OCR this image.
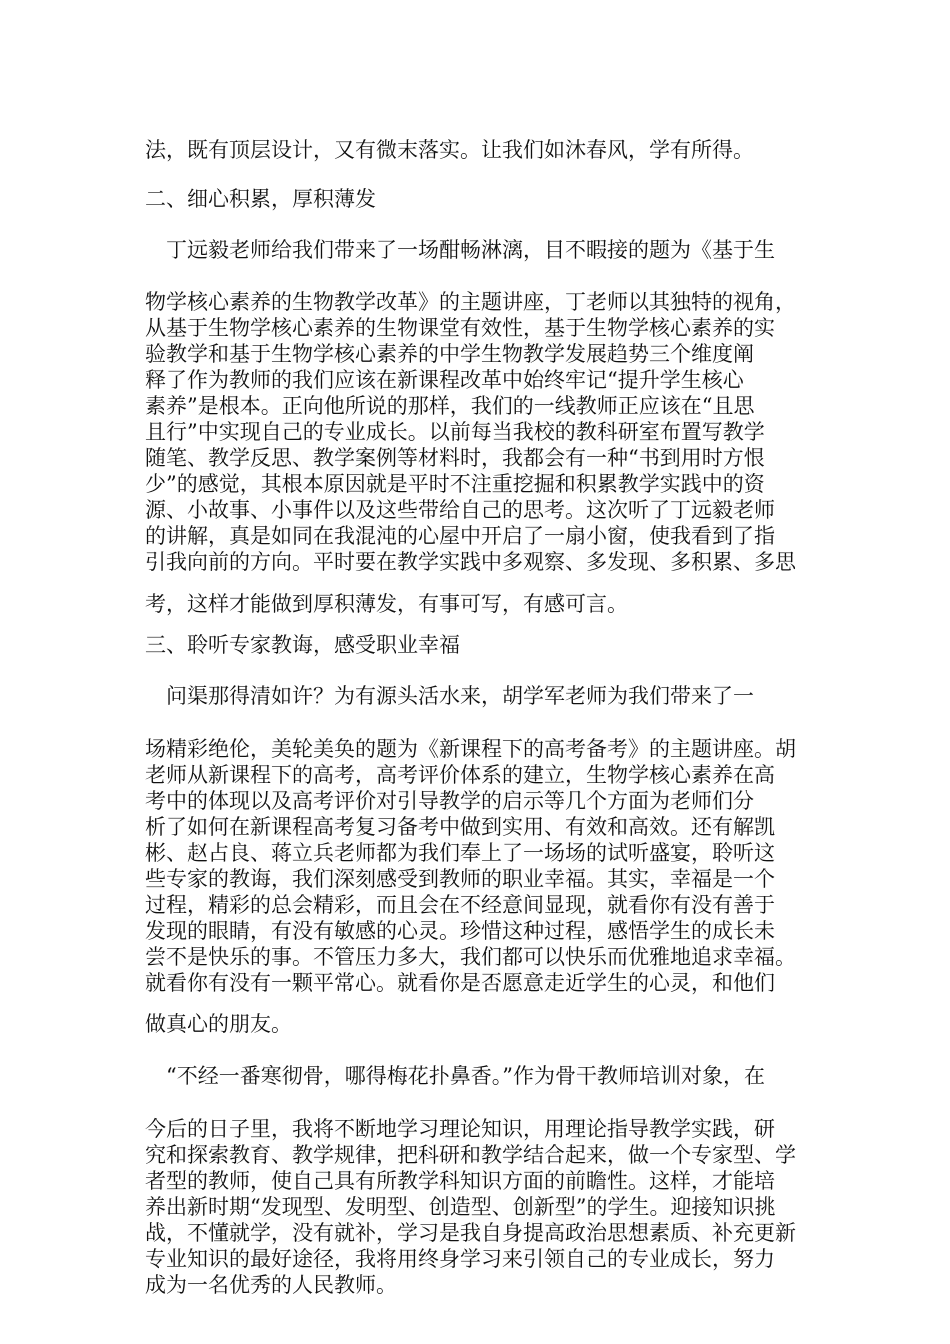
法，既有顶层设计，又有微末落实。让我们如沐春风，学有所得。

二、细心积累，厚积薄发

丁远毅老师给我们带来了一场酣畅淋漓，目不暇接的题为《基于生

物学核心素养的生物教学改革》的主题讲座，丁老师以其独特的视角，

从基于生物学核心素养的生物课堂有效性，基于生物学核心素养的实

验教学和基于生物学核心素养的中学生物教学发展趋势三个维度阐

释了作为教师的我们应该在新课程改革中始终牢记“提升学生核心

素养”是根本。正向他所说的那样，我们的一线教师正应该在“且思

且行”中实现自己的专业成长。以前每当我校的教科研室布置写教学

随笔、教学反思、教学案例等材料时，我都会有一种“书到用时方恨

少”的感觉，其根本原因就是平时不注重挖掘和积累教学实践中的资

源、小故事、小事件以及这些带给自己的思考。这次听了丁远毅老师

的讲解，真是如同在我混沌的心屋中开启了一扇小窗，使我看到了指

引我向前的方向。平时要在教学实践中多观察、多发现、多积累、多思

考，这样才能做到厚积薄发，有事可写，有感可言。

三、聆听专家教诲，感受职业幸福

问渠那得清如许？为有源头活水来，胡学军老师为我们带来了一

场精彩绝伦，美轮美奂的题为《新课程下的高考备考》的主题讲座。胡

老师从新课程下的高考，高考评价体系的建立，生物学核心素养在高

考中的体现以及高考评价对引导教学的启示等几个方面为老师们分

析了如何在新课程高考复习备考中做到实用、有效和高效。还有解凯

彬、赵占良、蒋立兵老师都为我们奉上了一场场的试听盛宴，聆听这

些专家的教诲，我们深刻感受到教师的职业幸福。其实，幸福是一个

过程，精彩的总会精彩，而且会在不经意间显现，就看你有没有善于

发现的眼睛，有没有敏感的心灵。珍惜这种过程，感悟学生的成长未

尝不是快乐的事。不管压力多大，我们都可以快乐而优雅地追求幸福。

就看你有没有一颗平常心。就看你是否愿意走近学生的心灵，和他们

做真心的朋友。

“不经一番寒彻骨，哪得梅花扑鼻香。”作为骨干教师培训对象，在

今后的日子里，我将不断地学习理论知识，用理论指导教学实践，研

究和探索教育、教学规律，把科研和教学结合起来，做一个专家型、学

者型的教师，使自己具有所教学科知识方面的前瞻性。这样，才能培

养出新时期“发现型、发明型、创造型、创新型”的学生。迎接知识挑

战，不懂就学，没有就补，学习是我自身提高政治思想素质、补充更新

专业知识的最好途径，我将用终身学习来引领自己的专业成长，努力

成为一名优秀的人民教师。
